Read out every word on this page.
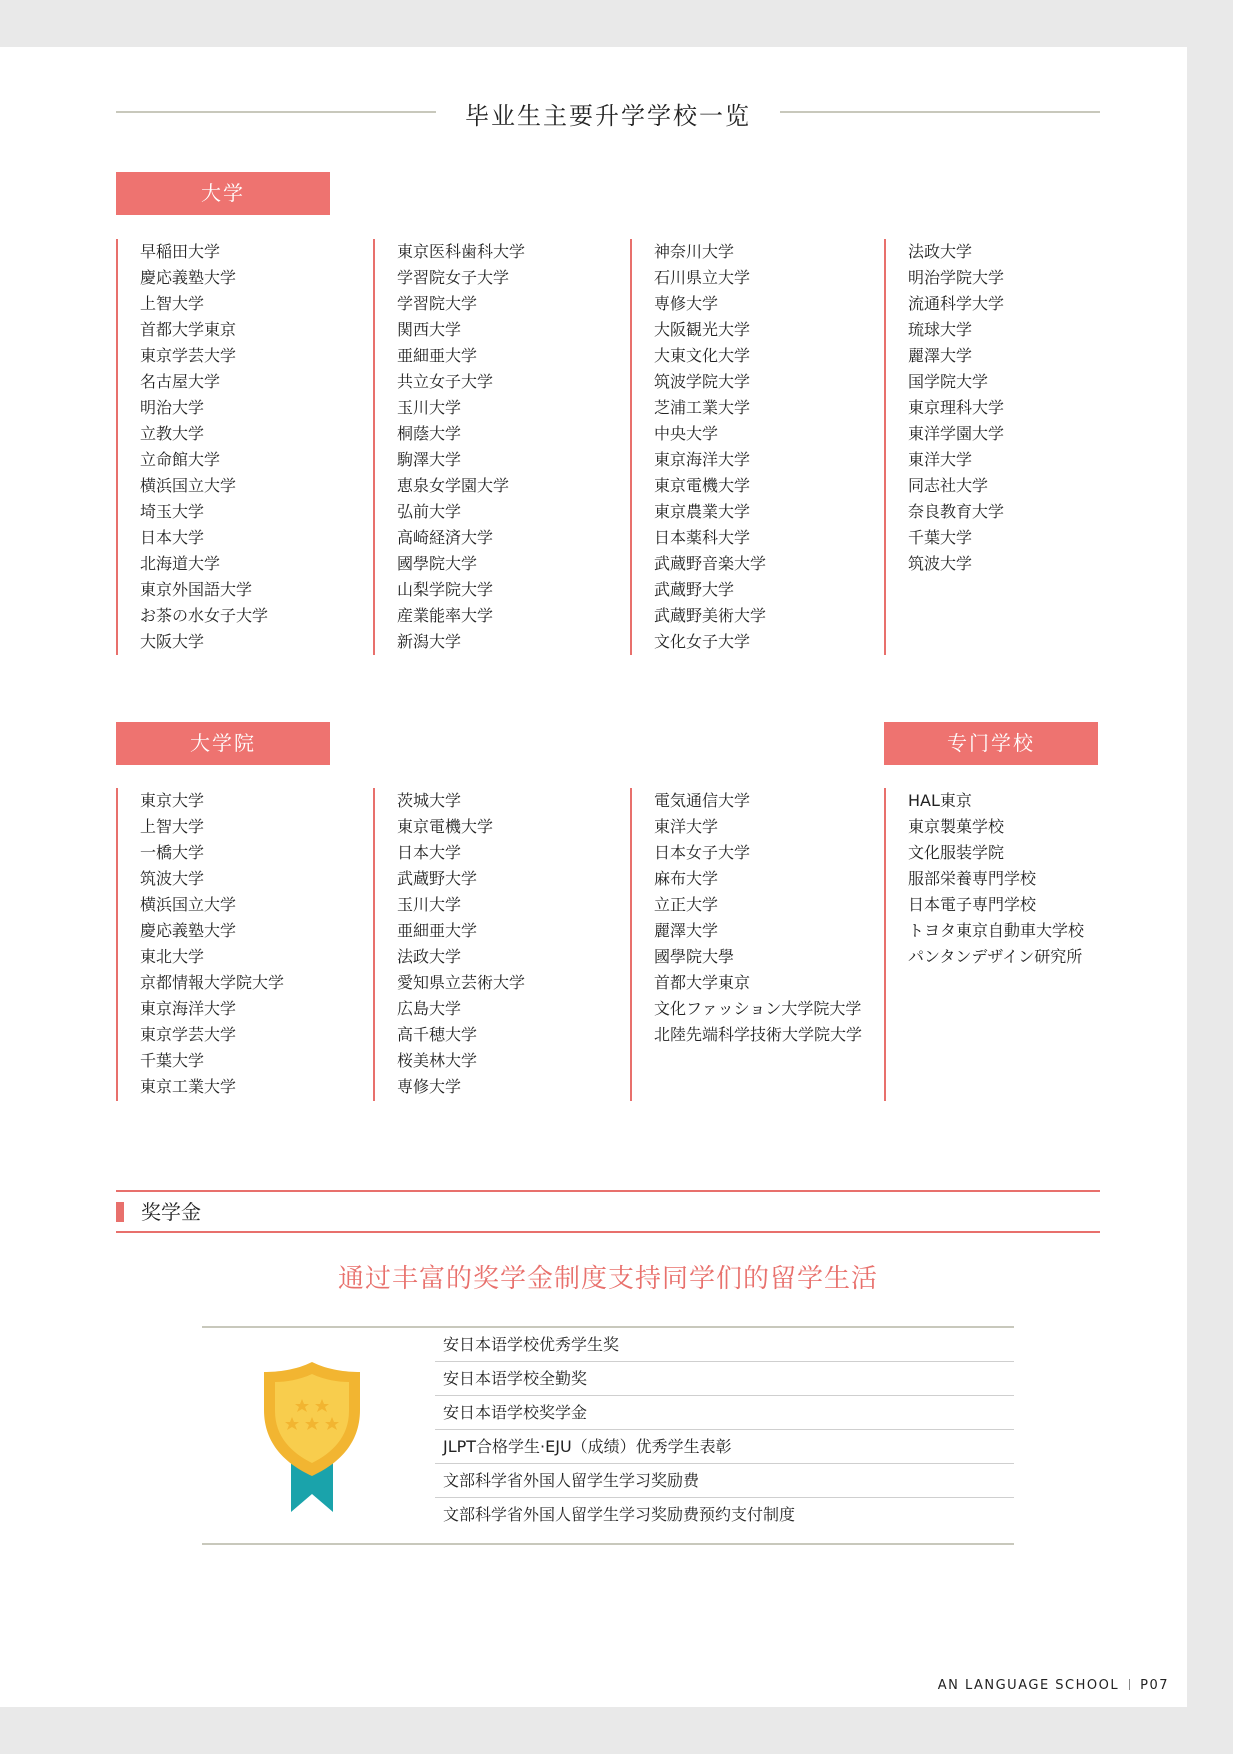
毕业生主要升学学校一览
大学
早稲田大学
慶応義塾大学
上智大学
首都大学東京
東京学芸大学
名古屋大学
明治大学
立教大学
立命館大学
横浜国立大学
埼玉大学
日本大学
北海道大学
東京外国語大学
お茶の水女子大学
大阪大学
東京医科歯科大学
学習院女子大学
学習院大学
関西大学
亜細亜大学
共立女子大学
玉川大学
桐蔭大学
駒澤大学
恵泉女学園大学
弘前大学
高崎経済大学
國學院大学
山梨学院大学
産業能率大学
新潟大学
神奈川大学
石川県立大学
専修大学
大阪観光大学
大東文化大学
筑波学院大学
芝浦工業大学
中央大学
東京海洋大学
東京電機大学
東京農業大学
日本薬科大学
武蔵野音楽大学
武蔵野大学
武蔵野美術大学
文化女子大学
法政大学
明治学院大学
流通科学大学
琉球大学
麗澤大学
国学院大学
東京理科大学
東洋学園大学
東洋大学
同志社大学
奈良教育大学
千葉大学
筑波大学
大学院
東京大学
上智大学
一橋大学
筑波大学
横浜国立大学
慶応義塾大学
東北大学
京都情報大学院大学
東京海洋大学
東京学芸大学
千葉大学
東京工業大学
茨城大学
東京電機大学
日本大学
武蔵野大学
玉川大学
亜細亜大学
法政大学
愛知県立芸術大学
広島大学
高千穂大学
桜美林大学
専修大学
電気通信大学
東洋大学
日本女子大学
麻布大学
立正大学
麗澤大学
國學院大學
首都大学東京
文化ファッション大学院大学
北陸先端科学技術大学院大学
专门学校
HAL東京
東京製菓学校
文化服装学院
服部栄養専門学校
日本電子専門学校
トヨタ東京自動車大学校
パンタンデザイン研究所
奖学金
通过丰富的奖学金制度支持同学们的留学生活
安日本语学校优秀学生奖
安日本语学校全勤奖
安日本语学校奖学金
JLPT合格学生·EJU（成绩）优秀学生表彰
文部科学省外国人留学生学习奖励费
文部科学省外国人留学生学习奖励费预约支付制度
AN LANGUAGE SCHOOL P07
